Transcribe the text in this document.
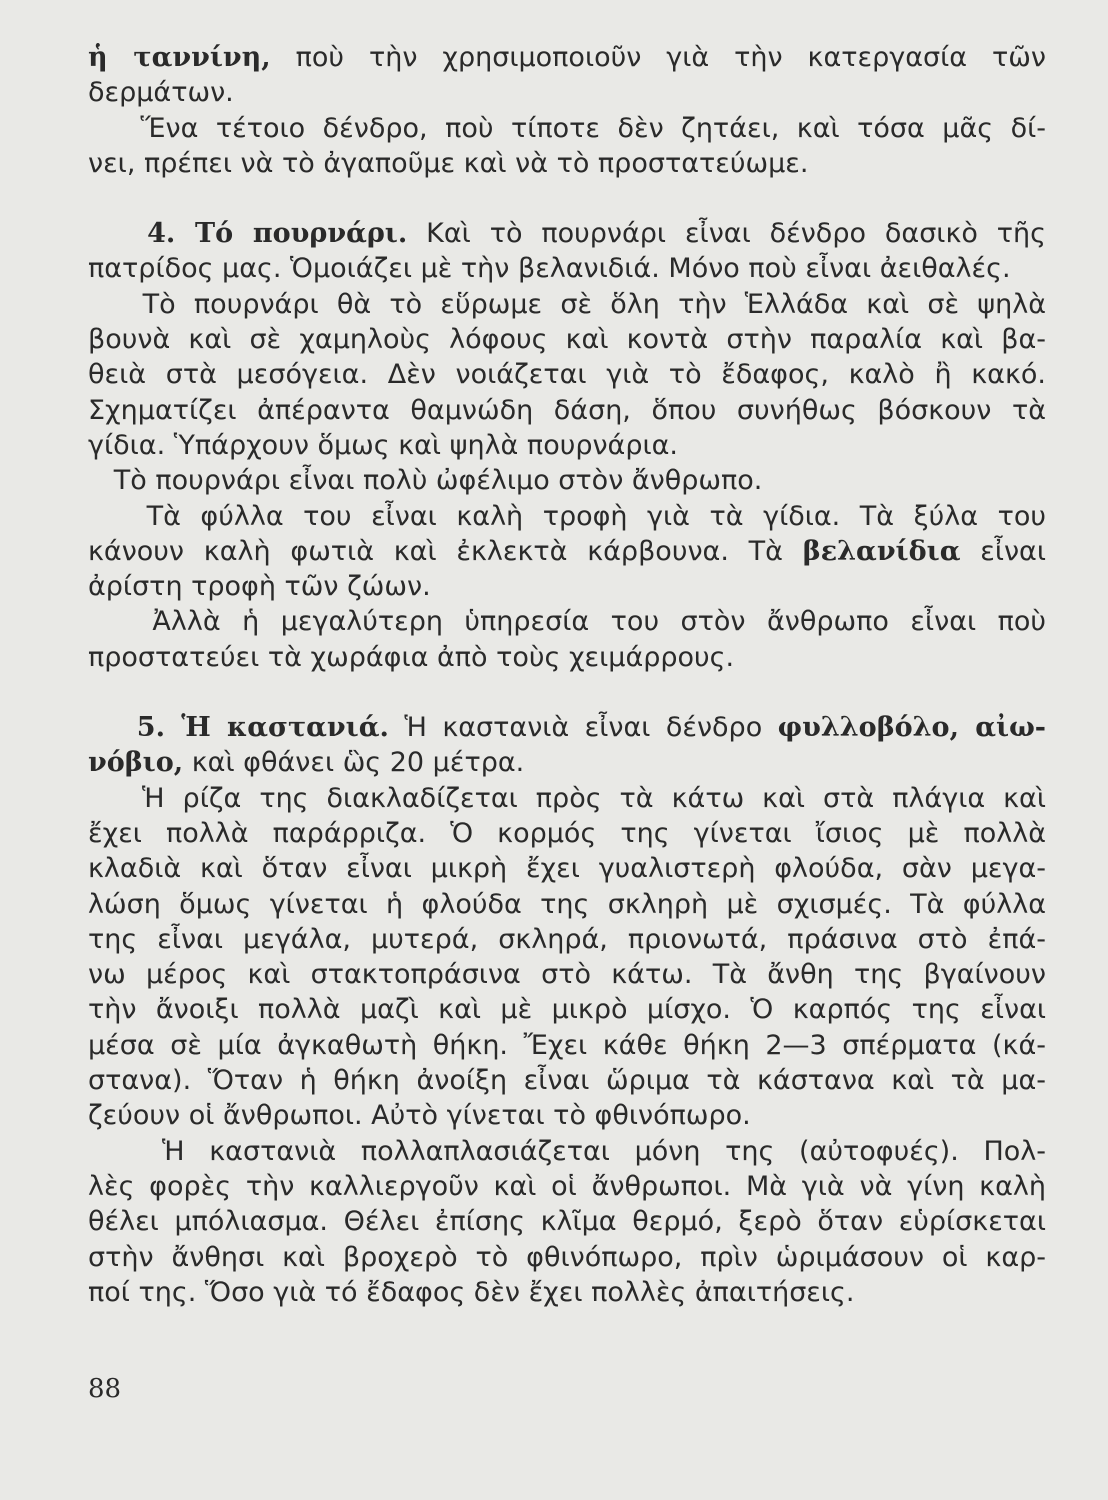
ἡ ταννίνη, ποὺ τὴν χρησιμοποιοῦν γιὰ τὴν κατεργασία τῶν
δερμάτων.
Ἕνα τέτοιο δένδρο, ποὺ τίποτε δὲν ζητάει, καὶ τόσα μᾶς δί-
νει, πρέπει νὰ τὸ ἀγαποῦμε καὶ νὰ τὸ προστατεύωμε.
4. Τό πουρνάρι. Καὶ τὸ πουρνάρι εἶναι δένδρο δασικὸ τῆς
πατρίδος μας. Ὁμοιάζει μὲ τὴν βελανιδιά. Μόνο ποὺ εἶναι ἀειθαλές.
Τὸ πουρνάρι θὰ τὸ εὕρωμε σὲ ὅλη τὴν Ἑλλάδα καὶ σὲ ψηλὰ
βουνὰ καὶ σὲ χαμηλοὺς λόφους καὶ κοντὰ στὴν παραλία καὶ βα-
θειὰ στὰ μεσόγεια. Δὲν νοιάζεται γιὰ τὸ ἔδαφος, καλὸ ἢ κακό.
Σχηματίζει ἀπέραντα θαμνώδη δάση, ὅπου συνήθως βόσκουν τὰ
γίδια. Ὑπάρχουν ὅμως καὶ ψηλὰ πουρνάρια.
Τὸ πουρνάρι εἶναι πολὺ ὠφέλιμο στὸν ἄνθρωπο.
Τὰ φύλλα του εἶναι καλὴ τροφὴ γιὰ τὰ γίδια. Τὰ ξύλα του
κάνουν καλὴ φωτιὰ καὶ ἐκλεκτὰ κάρβουνα. Τὰ βελανίδια εἶναι
ἀρίστη τροφὴ τῶν ζώων.
Ἀλλὰ ἡ μεγαλύτερη ὑπηρεσία του στὸν ἄνθρωπο εἶναι ποὺ
προστατεύει τὰ χωράφια ἀπὸ τοὺς χειμάρρους.
5. Ἡ καστανιά. Ἡ καστανιὰ εἶναι δένδρο φυλλοβόλο, αἰω-
νόβιο, καὶ φθάνει ὣς 20 μέτρα.
Ἡ ρίζα της διακλαδίζεται πρὸς τὰ κάτω καὶ στὰ πλάγια καὶ
ἔχει πολλὰ παράρριζα. Ὁ κορμός της γίνεται ἴσιος μὲ πολλὰ
κλαδιὰ καὶ ὅταν εἶναι μικρὴ ἔχει γυαλιστερὴ φλούδα, σὰν μεγα-
λώση ὅμως γίνεται ἡ φλούδα της σκληρὴ μὲ σχισμές. Τὰ φύλλα
της εἶναι μεγάλα, μυτερά, σκληρά, πριονωτά, πράσινα στὸ ἐπά-
νω μέρος καὶ στακτοπράσινα στὸ κάτω. Τὰ ἄνθη της βγαίνουν
τὴν ἄνοιξι πολλὰ μαζὶ καὶ μὲ μικρὸ μίσχο. Ὁ καρπός της εἶναι
μέσα σὲ μία ἀγκαθωτὴ θήκη. Ἔχει κάθε θήκη 2—3 σπέρματα (κά-
στανα). Ὅταν ἡ θήκη ἀνοίξη εἶναι ὥριμα τὰ κάστανα καὶ τὰ μα-
ζεύουν οἱ ἄνθρωποι. Αὐτὸ γίνεται τὸ φθινόπωρο.
Ἡ καστανιὰ πολλαπλασιάζεται μόνη της (αὐτοφυές). Πολ-
λὲς φορὲς τὴν καλλιεργοῦν καὶ οἱ ἄνθρωποι. Μὰ γιὰ νὰ γίνη καλὴ
θέλει μπόλιασμα. Θέλει ἐπίσης κλῖμα θερμό, ξερὸ ὅταν εὑρίσκεται
στὴν ἄνθησι καὶ βροχερὸ τὸ φθινόπωρο, πρὶν ὡριμάσουν οἱ καρ-
ποί της. Ὅσο γιὰ τό ἔδαφος δὲν ἔχει πολλὲς ἀπαιτήσεις.
88
